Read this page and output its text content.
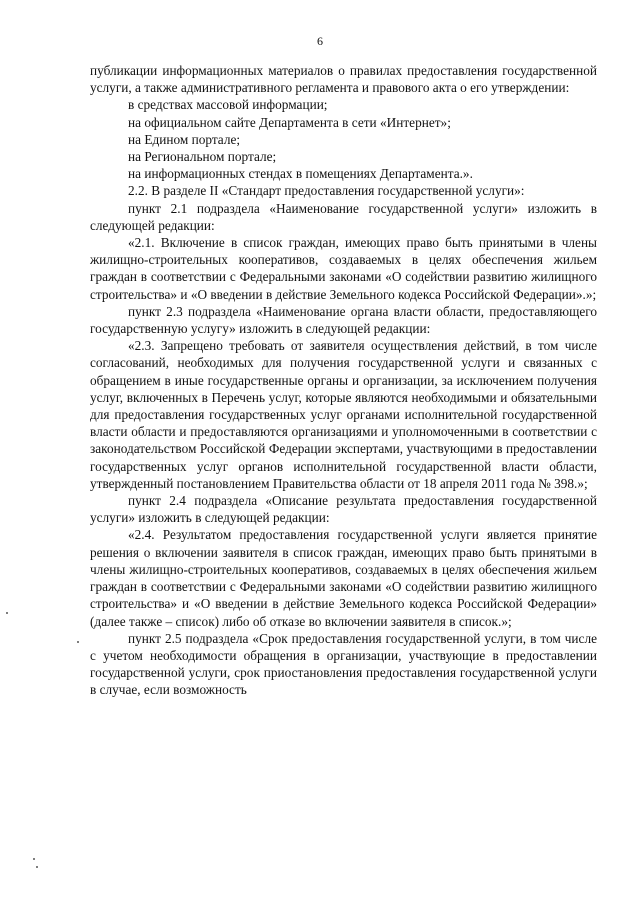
6

публикации информационных материалов о правилах предоставления государственной услуги, а также административного регламента и правового акта о его утверждении:

в средствах массовой информации;

на официальном сайте Департамента в сети «Интернет»;

на Едином портале;

на Региональном портале;

на информационных стендах в помещениях Департамента.».

2.2. В разделе II «Стандарт предоставления государственной услуги»:

пункт 2.1 подраздела «Наименование государственной услуги» изложить в следующей редакции:

«2.1. Включение в список граждан, имеющих право быть принятыми в члены жилищно-строительных кооперативов, создаваемых в целях обеспечения жильем граждан в соответствии с Федеральными законами «О содействии развитию жилищного строительства» и «О введении в действие Земельного кодекса Российской Федерации».»;

пункт 2.3 подраздела «Наименование органа власти области, предоставляющего государственную услугу» изложить в следующей редакции:

«2.3. Запрещено требовать от заявителя осуществления действий, в том числе согласований, необходимых для получения государственной услуги и связанных с обращением в иные государственные органы и организации, за исключением получения услуг, включенных в Перечень услуг, которые являются необходимыми и обязательными для предоставления государственных услуг органами исполнительной государственной власти области и предоставляются организациями и уполномоченными в соответствии с законодательством Российской Федерации экспертами, участвующими в предоставлении государственных услуг органов исполнительной государственной власти области, утвержденный постановлением Правительства области от 18 апреля 2011 года № 398.»;

пункт 2.4 подраздела «Описание результата предоставления государственной услуги» изложить в следующей редакции:

«2.4. Результатом предоставления государственной услуги является принятие решения о включении заявителя в список граждан, имеющих право быть принятыми в члены жилищно-строительных кооперативов, создаваемых в целях обеспечения жильем граждан в соответствии с Федеральными законами «О содействии развитию жилищного строительства» и «О введении в действие Земельного кодекса Российской Федерации» (далее также – список) либо об отказе во включении заявителя в список.»;

пункт 2.5 подраздела «Срок предоставления государственной услуги, в том числе с учетом необходимости обращения в организации, участвующие в предоставлении государственной услуги, срок приостановления предоставления государственной услуги в случае, если возможность
